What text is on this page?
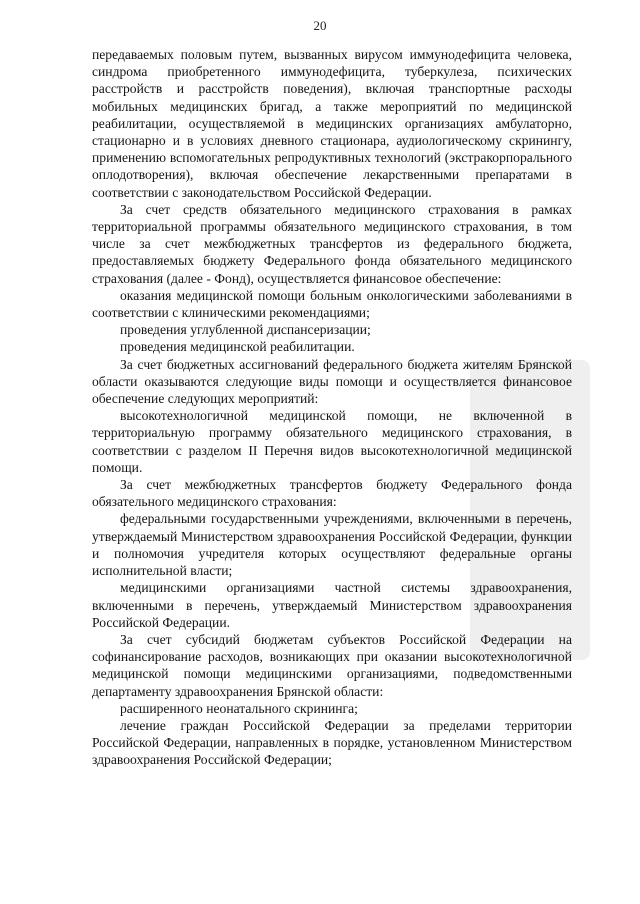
20

передаваемых половым путем, вызванных вирусом иммунодефицита человека, синдрома приобретенного иммунодефицита, туберкулеза, психических расстройств и расстройств поведения), включая транспортные расходы мобильных медицинских бригад, а также мероприятий по медицинской реабилитации, осуществляемой в медицинских организациях амбулаторно, стационарно и в условиях дневного стационара, аудиологическому скринингу, применению вспомогательных репродуктивных технологий (экстракорпорального оплодотворения), включая обеспечение лекарственными препаратами в соответствии с законодательством Российской Федерации.

За счет средств обязательного медицинского страхования в рамках территориальной программы обязательного медицинского страхования, в том числе за счет межбюджетных трансфертов из федерального бюджета, предоставляемых бюджету Федерального фонда обязательного медицинского страхования (далее - Фонд), осуществляется финансовое обеспечение:

оказания медицинской помощи больным онкологическими заболеваниями в соответствии с клиническими рекомендациями;

проведения углубленной диспансеризации;

проведения медицинской реабилитации.

За счет бюджетных ассигнований федерального бюджета жителям Брянской области оказываются следующие виды помощи и осуществляется финансовое обеспечение следующих мероприятий:

высокотехнологичной медицинской помощи, не включенной в территориальную программу обязательного медицинского страхования, в соответствии с разделом II Перечня видов высокотехнологичной медицинской помощи.

За счет межбюджетных трансфертов бюджету Федерального фонда обязательного медицинского страхования:

федеральными государственными учреждениями, включенными в перечень, утверждаемый Министерством здравоохранения Российской Федерации, функции и полномочия учредителя которых осуществляют федеральные органы исполнительной власти;

медицинскими организациями частной системы здравоохранения, включенными в перечень, утверждаемый Министерством здравоохранения Российской Федерации.

За счет субсидий бюджетам субъектов Российской Федерации на софинансирование расходов, возникающих при оказании высокотехнологичной медицинской помощи медицинскими организациями, подведомственными департаменту здравоохранения Брянской области:

расширенного неонатального скрининга;

лечение граждан Российской Федерации за пределами территории Российской Федерации, направленных в порядке, установленном Министерством здравоохранения Российской Федерации;
